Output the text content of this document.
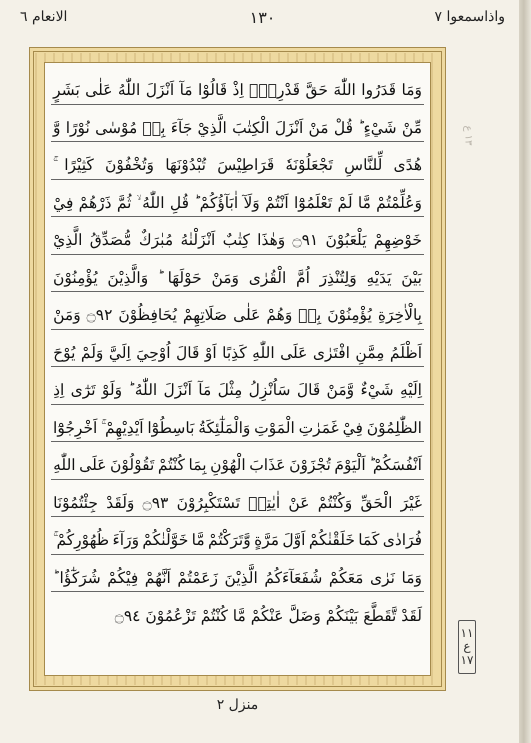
واذاسمعوا ٧
١٣٠
الانعام ٦
وَمَا
قَدَرُوا
اللّٰهَ
حَقَّ
قَدْرِهٖٓ
اِذْ
قَالُوْا
مَآ
اَنْزَلَ
اللّٰهُ
عَلٰى
بَشَرٍ
مِّنْ
شَيْءٍ
قُلْ
مَنْ
اَنْزَلَ
الْكِتٰبَ
الَّذِيْ
جَآءَ
بِهٖ
مُوْسٰى
نُوْرًا
وَّ
هُدًى
لِّلنَّاسِ
تَجْعَلُوْنَهٗ
قَرَاطِيْسَ
تُبْدُوْنَهَا
وَتُخْفُوْنَ
كَثِيْرًا
وَعُلِّمْتُمْ
مَّا
لَمْ
تَعْلَمُوْٓا
اَنْتُمْ
وَلَآ
اٰبَآؤُكُمْ
قُلِ
اللّٰهُ
ثُمَّ
ذَرْهُمْ
فِيْ
خَوْضِهِمْ
يَلْعَبُوْنَ
۝٩١
وَهٰذَا
كِتٰبٌ
اَنْزَلْنٰهُ
مُبٰرَكٌ
مُّصَدِّقُ
الَّذِيْ
بَيْنَ
يَدَيْهِ
وَلِتُنْذِرَ
اُمَّ
الْقُرٰى
وَمَنْ
حَوْلَهَا
وَالَّذِيْنَ
يُؤْمِنُوْنَ
بِالْاٰخِرَةِ
يُؤْمِنُوْنَ
بِهٖ
وَهُمْ
عَلٰى
صَلَاتِهِمْ
يُحَافِظُوْنَ
۝٩٢
وَمَنْ
اَظْلَمُ
مِمَّنِ
افْتَرٰى
عَلَى
اللّٰهِ
كَذِبًا
اَوْ
قَالَ
اُوْحِيَ
اِلَيَّ
وَلَمْ
يُوْحَ
اِلَيْهِ
شَيْءٌ
وَّمَنْ
قَالَ
سَاُنْزِلُ
مِثْلَ
مَآ
اَنْزَلَ
اللّٰهُ
وَلَوْ
تَرٰٓى
اِذِ
الظّٰلِمُوْنَ
فِيْ
غَمَرٰتِ
الْمَوْتِ
وَالْمَلٰٓئِكَةُ
بَاسِطُوْٓا
اَيْدِيْهِمْ
اَخْرِجُوْٓا
اَنْفُسَكُمْ
اَلْيَوْمَ
تُجْزَوْنَ
عَذَابَ
الْهُوْنِ
بِمَا
كُنْتُمْ
تَقُوْلُوْنَ
عَلَى
اللّٰهِ
غَيْرَ
الْحَقِّ
وَكُنْتُمْ
عَنْ
اٰيٰتِهٖ
تَسْتَكْبِرُوْنَ
۝٩٣
وَلَقَدْ
جِئْتُمُوْنَا
فُرَادٰى
كَمَا
خَلَقْنٰكُمْ
اَوَّلَ
مَرَّةٍ
وَّتَرَكْتُمْ
مَّا
خَوَّلْنٰكُمْ
وَرَآءَ
ظُهُوْرِكُمْ
وَمَا
نَرٰى
مَعَكُمْ
شُفَعَآءَكُمُ
الَّذِيْنَ
زَعَمْتُمْ
اَنَّهُمْ
فِيْكُمْ
شُرَكٰٓؤُا
لَقَدْ تَّقَطَّعَ بَيْنَكُمْ وَضَلَّ عَنْكُمْ مَّا كُنْتُمْ تَزْعُمُوْنَ ۝٩٤
١١
ع
١٧
١٣ ع
منزل ٢
